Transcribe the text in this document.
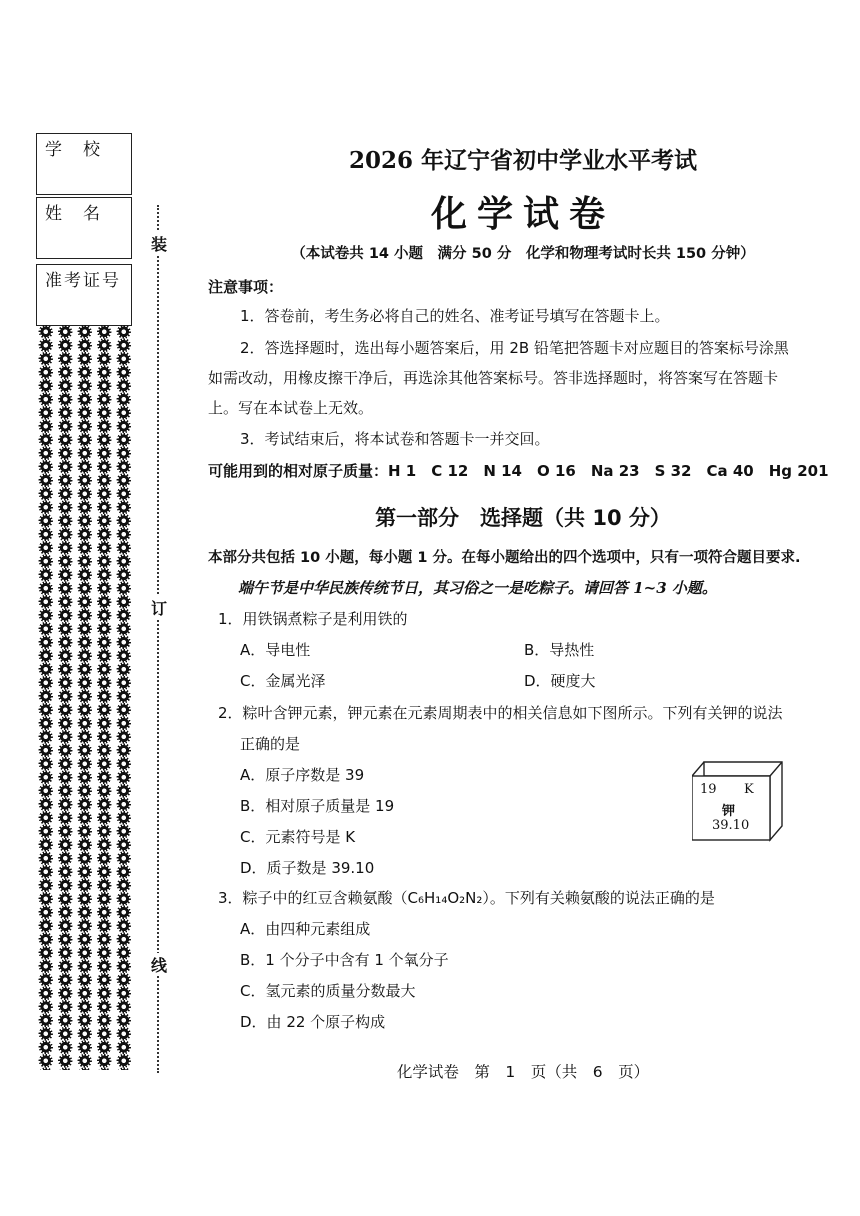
学　校
姓　名
准考证号
装
订
线
2026 年辽宁省初中学业水平考试
化学试卷
（本试卷共 14 小题　满分 50 分　化学和物理考试时长共 150 分钟）
注意事项：
1．答卷前，考生务必将自己的姓名、准考证号填写在答题卡上。
2．答选择题时，选出每小题答案后，用 2B 铅笔把答题卡对应题目的答案标号涂黑
如需改动，用橡皮擦干净后，再选涂其他答案标号。答非选择题时，将答案写在答题卡
上。写在本试卷上无效。
3．考试结束后，将本试卷和答题卡一并交回。
可能用到的相对原子质量：H 1　C 12　N 14　O 16　Na 23　S 32　Ca 40　Hg 201
第一部分　选择题（共 10 分）
本部分共包括 10 小题，每小题 1 分。在每小题给出的四个选项中，只有一项符合题目要求.
端午节是中华民族传统节日，其习俗之一是吃粽子。请回答 1~3 小题。
1．用铁锅煮粽子是利用铁的
A．导电性	B．导热性
C．金属光泽	D．硬度大
2．粽叶含钾元素，钾元素在元素周期表中的相关信息如下图所示。下列有关钾的说法
正确的是
A．原子序数是 39
B．相对原子质量是 19
C．元素符号是 K
D．质子数是 39.10
19 K
钾
39.10
3．粽子中的红豆含赖氨酸（C₆H₁₄O₂N₂）。下列有关赖氨酸的说法正确的是
A．由四种元素组成
B．1 个分子中含有 1 个氧分子
C．氢元素的质量分数最大
D．由 22 个原子构成
化学试卷　第　1　页（共　6　页）
